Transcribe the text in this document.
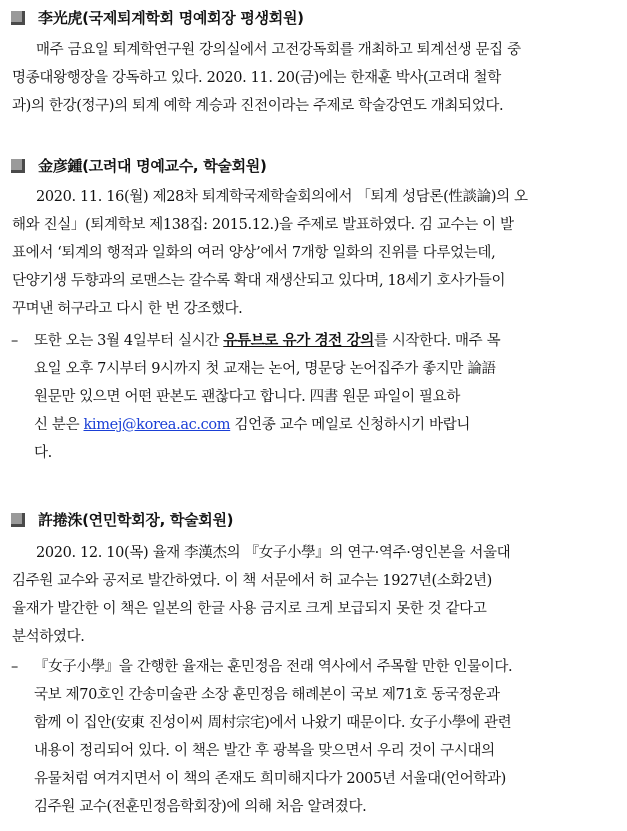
李光虎(국제퇴계학회 명예회장 평생회원)
매주 금요일 퇴계학연구원 강의실에서 고전강독회를 개최하고 퇴계선생 문집 중
명종대왕행장을 강독하고 있다. 2020. 11. 20(금)에는 한재훈 박사(고려대 철학
과)의 한강(정구)의 퇴계 예학 계승과 진전이라는 주제로 학술강연도 개최되었다.
金彦鍾(고려대 명예교수, 학술회원)
2020. 11. 16(월) 제28차 퇴계학국제학술회의에서 「퇴계 성담론(性談論)의 오
해와 진실」(퇴계학보 제138집: 2015.12.)을 주제로 발표하였다. 김 교수는 이 발
표에서 ‘퇴계의 행적과 일화의 여러 양상’에서 7개항 일화의 진위를 다루었는데,
단양기생 두향과의 로맨스는 갈수록 확대 재생산되고 있다며, 18세기 호사가들이
꾸며낸 허구라고 다시 한 번 강조했다.
– 또한 오는 3월 4일부터 실시간 유튜브로 유가 경전 강의를 시작한다. 매주 목
요일 오후 7시부터 9시까지 첫 교재는 논어, 명문당 논어집주가 좋지만 論語
원문만 있으면 어떤 판본도 괜찮다고 합니다. 四書 원문 파일이 필요하
신 분은 kimej@korea.ac.com 김언종 교수 메일로 신청하시기 바랍니
다.
許捲洙(연민학회장, 학술회원)
2020. 12. 10(목) 율재 李漢杰의 『女子小學』의 연구·역주·영인본을 서울대
김주원 교수와 공저로 발간하였다. 이 책 서문에서 허 교수는 1927년(소화2년)
율재가 발간한 이 책은 일본의 한글 사용 금지로 크게 보급되지 못한 것 같다고
분석하였다.
– 『女子小學』을 간행한 율재는 훈민정음 전래 역사에서 주목할 만한 인물이다.
국보 제70호인 간송미술관 소장 훈민정음 해례본이 국보 제71호 동국정운과
함께 이 집안(安東 진성이씨 周村宗宅)에서 나왔기 때문이다. 女子小學에 관련
내용이 정리되어 있다. 이 책은 발간 후 광복을 맞으면서 우리 것이 구시대의
유물처럼 여겨지면서 이 책의 존재도 희미해지다가 2005년 서울대(언어학과)
김주원 교수(전훈민정음학회장)에 의해 처음 알려졌다.
